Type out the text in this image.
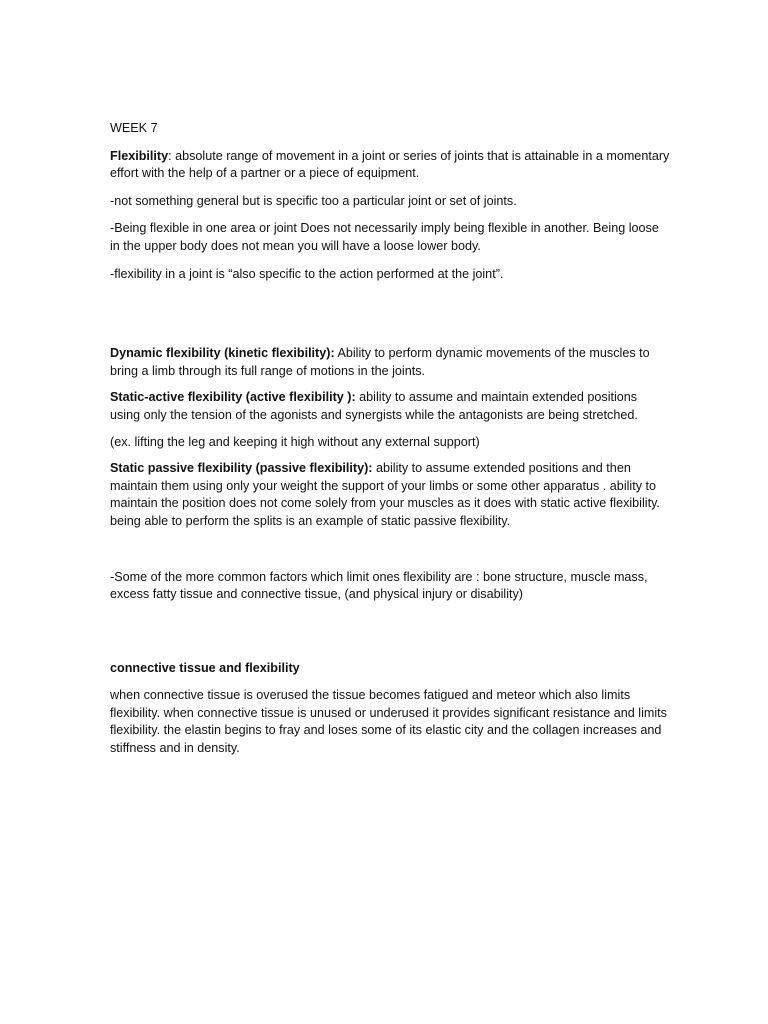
WEEK 7

Flexibility: absolute range of movement in a joint or series of joints that is attainable in a momentary effort with the help of a partner or a piece of equipment.

-not something general but is specific too a particular joint or set of joints.

-Being flexible in one area or joint Does not necessarily imply being flexible in another. Being loose in the upper body does not mean you will have a loose lower body.

-flexibility in a joint is “also specific to the action performed at the joint”.

Dynamic flexibility (kinetic flexibility): Ability to perform dynamic movements of the muscles to bring a limb through its full range of motions in the joints.

Static-active flexibility (active flexibility ): ability to assume and maintain extended positions using only the tension of the agonists and synergists while the antagonists are being stretched.

(ex. lifting the leg and keeping it high without any external support)

Static passive flexibility (passive flexibility): ability to assume extended positions and then maintain them using only your weight the support of your limbs or some other apparatus . ability to maintain the position does not come solely from your muscles as it does with static active flexibility. being able to perform the splits is an example of static passive flexibility.

-Some of the more common factors which limit ones flexibility are : bone structure, muscle mass, excess fatty tissue and connective tissue, (and physical injury or disability)

connective tissue and flexibility

when connective tissue is overused the tissue becomes fatigued and meteor which also limits flexibility. when connective tissue is unused or underused it provides significant resistance and limits flexibility. the elastin begins to fray and loses some of its elastic city and the collagen increases and stiffness and in density.
